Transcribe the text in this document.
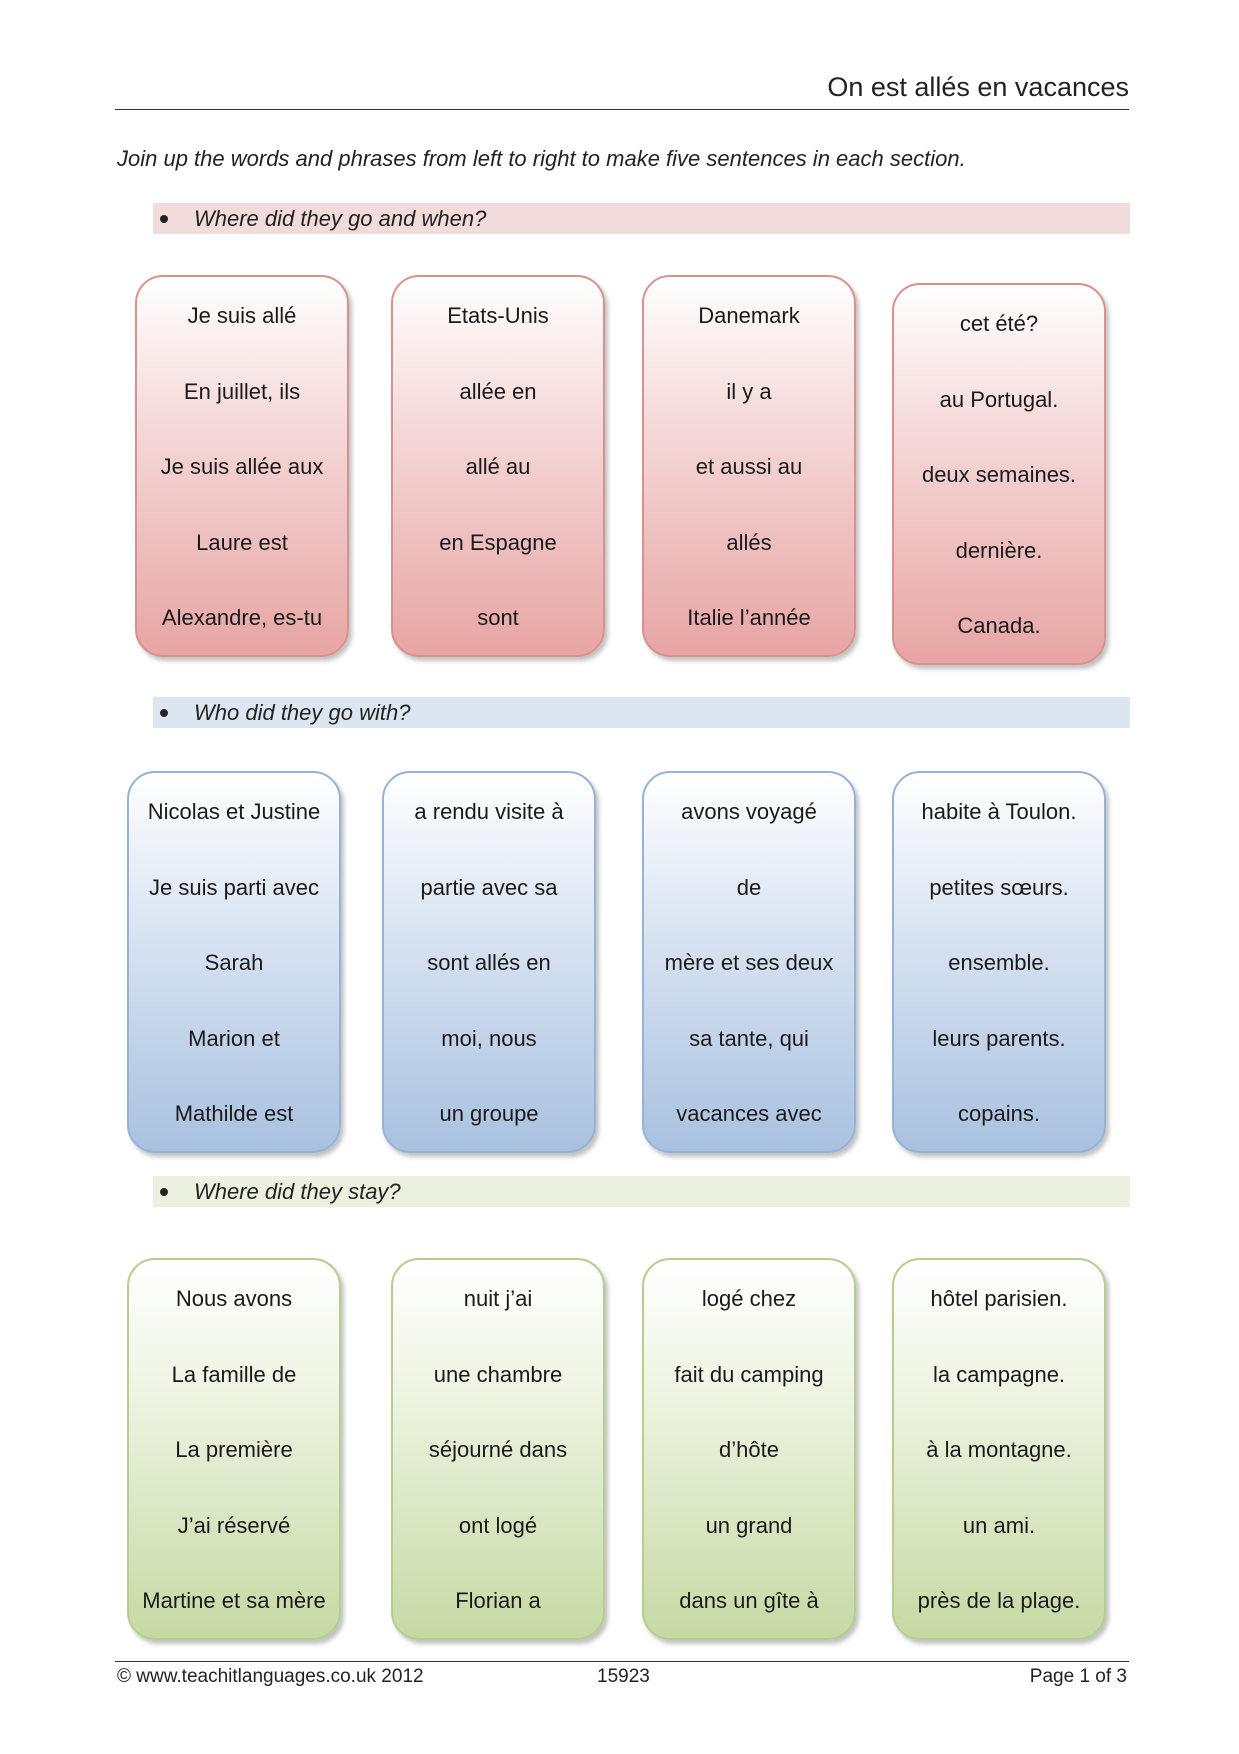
On est allés en vacances
Join up the words and phrases from left to right to make five sentences in each section.
Where did they go and when?
Je suis allé
En juillet, ils
Je suis allée aux
Laure est
Alexandre, es-tu
Etats-Unis
allée en
allé au
en Espagne
sont
Danemark
il y a
et aussi au
allés
Italie l’année
cet été?
au Portugal.
deux semaines.
dernière.
Canada.
Who did they go with?
Nicolas et Justine
Je suis parti avec
Sarah
Marion et
Mathilde est
a rendu visite à
partie avec sa
sont allés en
moi, nous
un groupe
avons voyagé
de
mère et ses deux
sa tante, qui
vacances avec
habite à Toulon.
petites sœurs.
ensemble.
leurs parents.
copains.
Where did they stay?
Nous avons
La famille de
La première
J’ai réservé
Martine et sa mère
nuit j’ai
une chambre
séjourné dans
ont logé
Florian a
logé chez
fait du camping
d’hôte
un grand
dans un gîte à
hôtel parisien.
la campagne.
à la montagne.
un ami.
près de la plage.
© www.teachitlanguages.co.uk 2012	15923	Page 1 of 3
